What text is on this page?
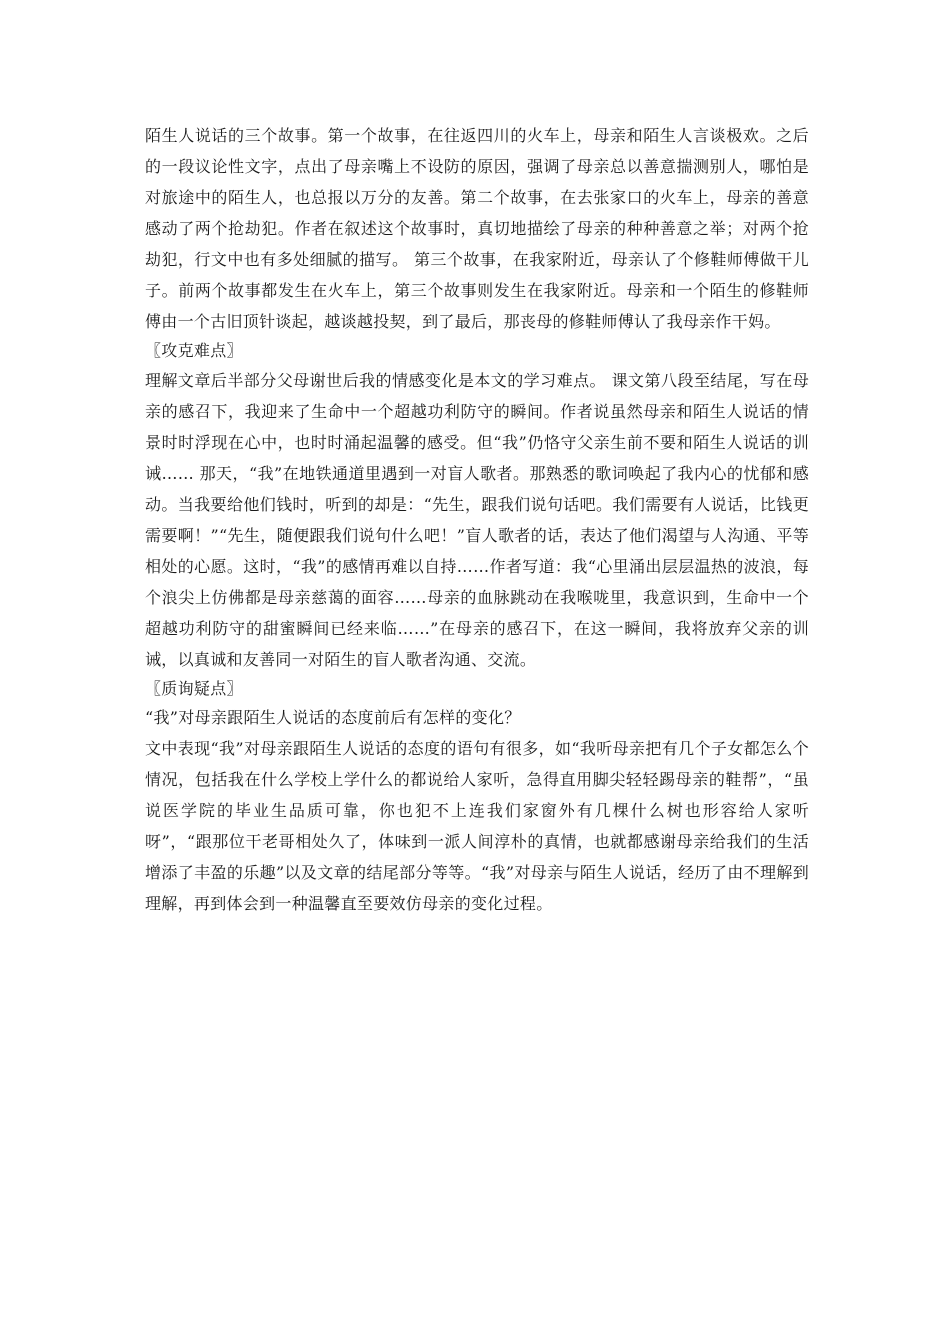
陌生人说话的三个故事。第一个故事，在往返四川的火车上，母亲和陌生人言谈极欢。之后的一段议论性文字，点出了母亲嘴上不设防的原因，强调了母亲总以善意揣测别人，哪怕是对旅途中的陌生人，也总报以万分的友善。第二个故事，在去张家口的火车上，母亲的善意感动了两个抢劫犯。作者在叙述这个故事时，真切地描绘了母亲的种种善意之举；对两个抢劫犯，行文中也有多处细腻的描写。 第三个故事，在我家附近，母亲认了个修鞋师傅做干儿子。前两个故事都发生在火车上，第三个故事则发生在我家附近。母亲和一个陌生的修鞋师傅由一个古旧顶针谈起，越谈越投契，到了最后，那丧母的修鞋师傅认了我母亲作干妈。

〖攻克难点〗

理解文章后半部分父母谢世后我的情感变化是本文的学习难点。 课文第八段至结尾，写在母亲的感召下，我迎来了生命中一个超越功利防守的瞬间。作者说虽然母亲和陌生人说话的情景时时浮现在心中，也时时涌起温馨的感受。但“我”仍恪守父亲生前不要和陌生人说话的训诫…… 那天，“我”在地铁通道里遇到一对盲人歌者。那熟悉的歌词唤起了我内心的忧郁和感动。当我要给他们钱时，听到的却是：“先生，跟我们说句话吧。我们需要有人说话，比钱更需要啊！”“先生，随便跟我们说句什么吧！”盲人歌者的话，表达了他们渴望与人沟通、平等相处的心愿。这时，“我”的感情再难以自持……作者写道：我“心里涌出层层温热的波浪，每个浪尖上仿佛都是母亲慈蔼的面容……母亲的血脉跳动在我喉咙里，我意识到，生命中一个超越功利防守的甜蜜瞬间已经来临……”在母亲的感召下，在这一瞬间，我将放弃父亲的训诫，以真诚和友善同一对陌生的盲人歌者沟通、交流。

〖质询疑点〗

“我”对母亲跟陌生人说话的态度前后有怎样的变化？

文中表现“我”对母亲跟陌生人说话的态度的语句有很多，如“我听母亲把有几个子女都怎么个情况，包括我在什么学校上学什么的都说给人家听，急得直用脚尖轻轻踢母亲的鞋帮”，“虽说医学院的毕业生品质可靠，你也犯不上连我们家窗外有几棵什么树也形容给人家听呀”，“跟那位干老哥相处久了，体味到一派人间淳朴的真情，也就都感谢母亲给我们的生活增添了丰盈的乐趣”以及文章的结尾部分等等。“我”对母亲与陌生人说话，经历了由不理解到理解，再到体会到一种温馨直至要效仿母亲的变化过程。
